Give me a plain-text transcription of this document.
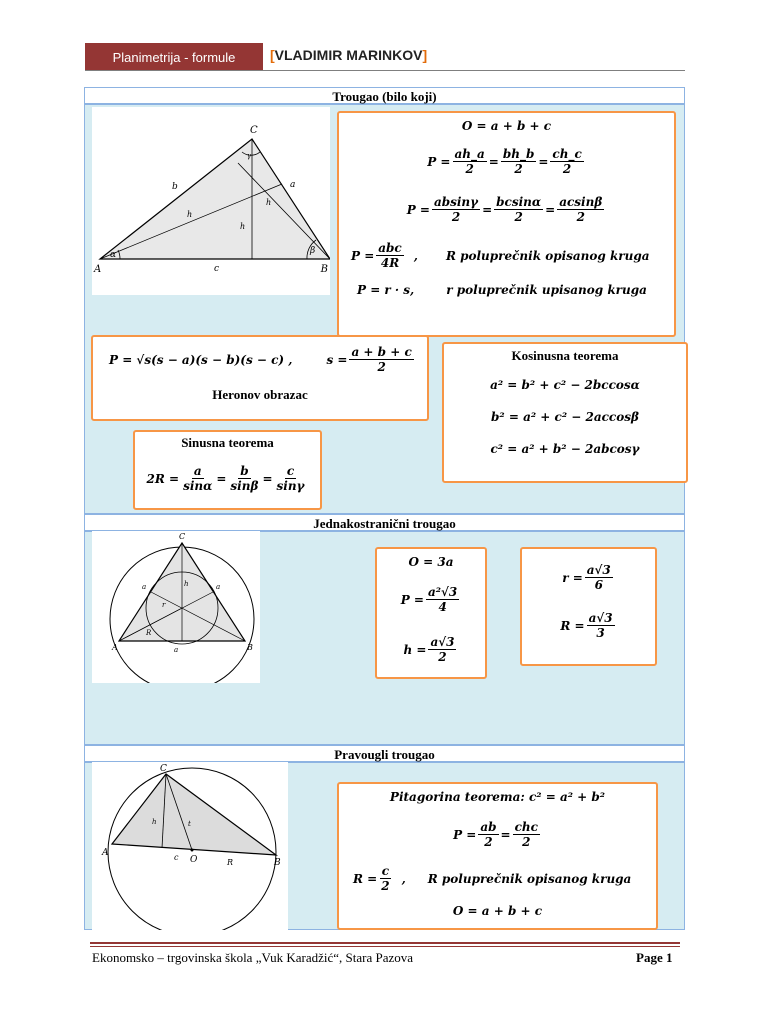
Planimetrija - formule	[VLADIMIR MARINKOV]
Trougao (bilo koji)
A	B
C
a
b
c
h
h
h
α	β
γ
O = a + b + c
$P = \frac{ah\_a}{2} = \frac{bh\_b}{2} = \frac{ch\_c}{2}$
$P = \frac{absin\gamma}{2} = \frac{bcsin\alpha}{2} = \frac{acsin\beta}{2}$
$P = \frac{\text{abc}}{4R}$ , R poluprečnik opisanog kruga
P = r · s,	r poluprečnik upisanog kruga
P = √s(s − a)(s − b)(s − c) ,	$s = \frac{a + b + c}{2}$
Heronov obrazac
Kosinusna teorema
a² = b² + c² − 2bccosα
b² = a² + c² − 2accosβ
c² = a² + b² − 2abcosγ
Sinusna teorema
$2R = \frac{a}{\sin\alpha} = \frac{b}{\sin\beta} = \frac{c}{\sin\gamma}$
Jednakostranični trougao
C
A	B
a	a
a
h
r
R
O = 3a
$P = \frac{\text{a²√3}}{4}$
$h = \frac{a√3}{2}$
$r = \frac{a√3}{6}$
$R = \frac{a√3}{3}$
Pravougli trougao
C
A
B
O
c
R
h	t
Pitagorina teorema: c² = a² + b²
$P = \frac{ab}{2} = \frac{\text{chᴄ}}{2}$
$R = \frac{c}{2}$ , R poluprečnik opisanog kruga
O = a + b + c
Ekonomsko – trgovinska škola „Vuk Karadžić“, Stara Pazova	Page 1
